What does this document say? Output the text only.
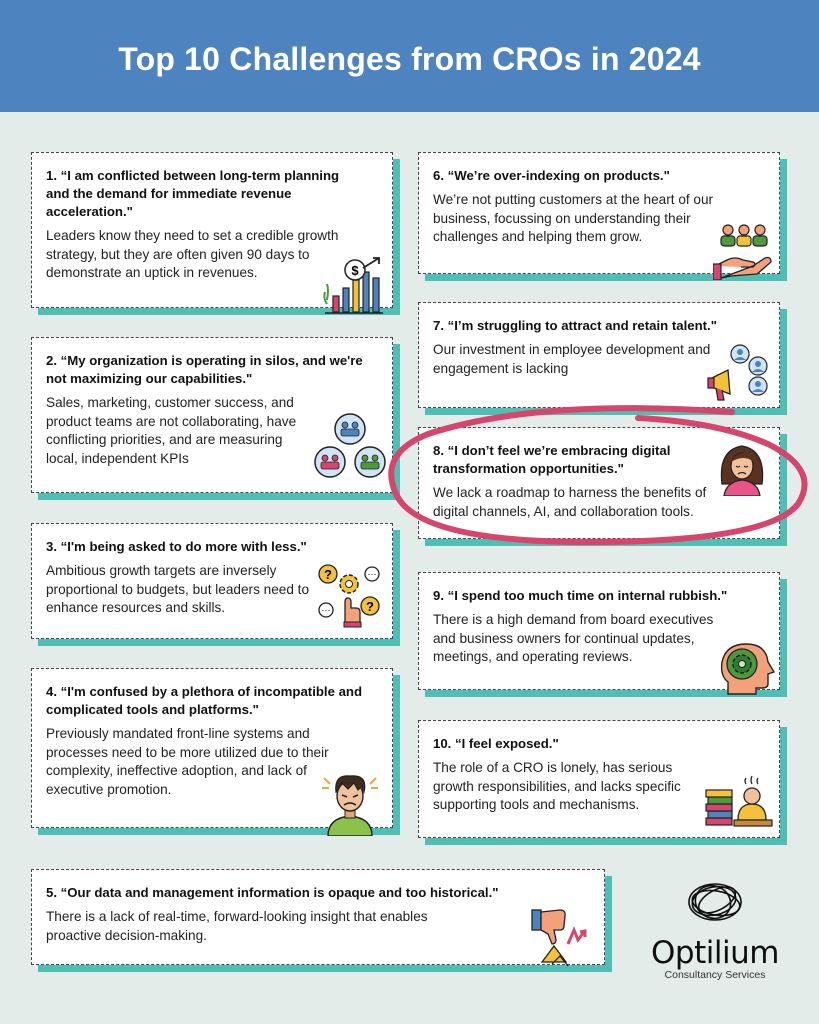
Top 10 Challenges from CROs in 2024
1. “I am conflicted between long-term planning and the demand for immediate revenue acceleration."
Leaders know they need to set a credible growth strategy, but they are often given 90 days to demonstrate an uptick in revenues.	$
2. “My organization is operating in silos, and we're not maximizing our capabilities."
Sales, marketing, customer success, and product teams are not collaborating, have conflicting priorities, and are measuring local, independent KPIs
3. “I'm being asked to do more with less."
Ambitious growth targets are inversely proportional to budgets, but leaders need to enhance resources and skills.
?	···
···	?
4. “I'm confused by a plethora of incompatible and complicated tools and platforms."
Previously mandated front-line systems and processes need to be more utilized due to their complexity, ineffective adoption, and lack of executive promotion.
5. “Our data and management information is opaque and too historical."
There is a lack of real-time, forward-looking insight that enables proactive decision-making.
6. “We’re over-indexing on products."
We’re not putting customers at the heart of our business, focussing on understanding their challenges and helping them grow.
7. “I’m struggling to attract and retain talent."
Our investment in employee development and engagement is lacking
8. “I don’t feel we’re embracing digital transformation opportunities."
We lack a roadmap to harness the benefits of digital channels, AI, and collaboration tools.
9. “I spend too much time on internal rubbish."
There is a high demand from board executives and business owners for continual updates, meetings, and operating reviews.
10. “I feel exposed."
The role of a CRO is lonely, has serious growth responsibilities, and lacks specific supporting tools and mechanisms.
Optilium
Consultancy Services
